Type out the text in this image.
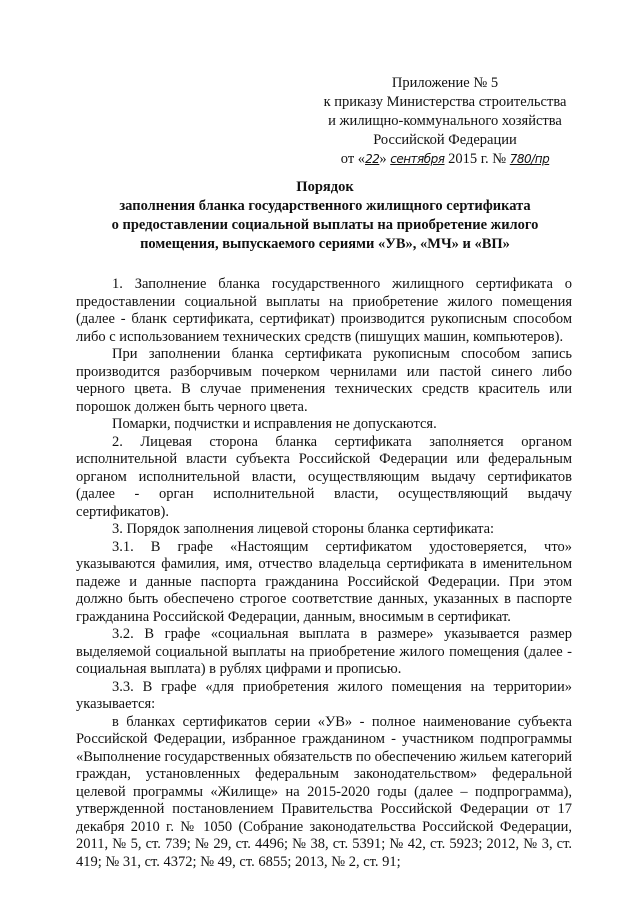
Приложение № 5
к приказу Министерства строительства
и жилищно-коммунального хозяйства
Российской Федерации
от «22» сентября 2015 г. № 780/пр
Порядок
заполнения бланка государственного жилищного сертификата
о предоставлении социальной выплаты на приобретение жилого
помещения, выпускаемого сериями «УВ», «МЧ» и «ВП»

1. Заполнение бланка государственного жилищного сертификата о предоставлении социальной выплаты на приобретение жилого помещения (далее - бланк сертификата, сертификат) производится рукописным способом либо с использованием технических средств (пишущих машин, компьютеров).

При заполнении бланка сертификата рукописным способом запись производится разборчивым почерком чернилами или пастой синего либо черного цвета. В случае применения технических средств краситель или порошок должен быть черного цвета.

Помарки, подчистки и исправления не допускаются.

2. Лицевая сторона бланка сертификата заполняется органом исполнительной власти субъекта Российской Федерации или федеральным органом исполнительной власти, осуществляющим выдачу сертификатов (далее - орган исполнительной власти, осуществляющий выдачу сертификатов).

3. Порядок заполнения лицевой стороны бланка сертификата:

3.1. В графе «Настоящим сертификатом удостоверяется, что» указываются фамилия, имя, отчество владельца сертификата в именительном падеже и данные паспорта гражданина Российской Федерации. При этом должно быть обеспечено строгое соответствие данных, указанных в паспорте гражданина Российской Федерации, данным, вносимым в сертификат.

3.2. В графе «социальная выплата в размере» указывается размер выделяемой социальной выплаты на приобретение жилого помещения (далее - социальная выплата) в рублях цифрами и прописью.

3.3. В графе «для приобретения жилого помещения на территории» указывается:

в бланках сертификатов серии «УВ» - полное наименование субъекта Российской Федерации, избранное гражданином - участником подпрограммы «Выполнение государственных обязательств по обеспечению жильем категорий граждан, установленных федеральным законодательством» федеральной целевой программы «Жилище» на 2015-2020 годы (далее – подпрограмма), утвержденной постановлением Правительства Российской Федерации от 17 декабря 2010 г. № 1050 (Собрание законодательства Российской Федерации, 2011, № 5, ст. 739; № 29, ст. 4496; № 38, ст. 5391; № 42, ст. 5923; 2012, № 3, ст. 419; № 31, ст. 4372; № 49, ст. 6855; 2013, № 2, ст. 91;
